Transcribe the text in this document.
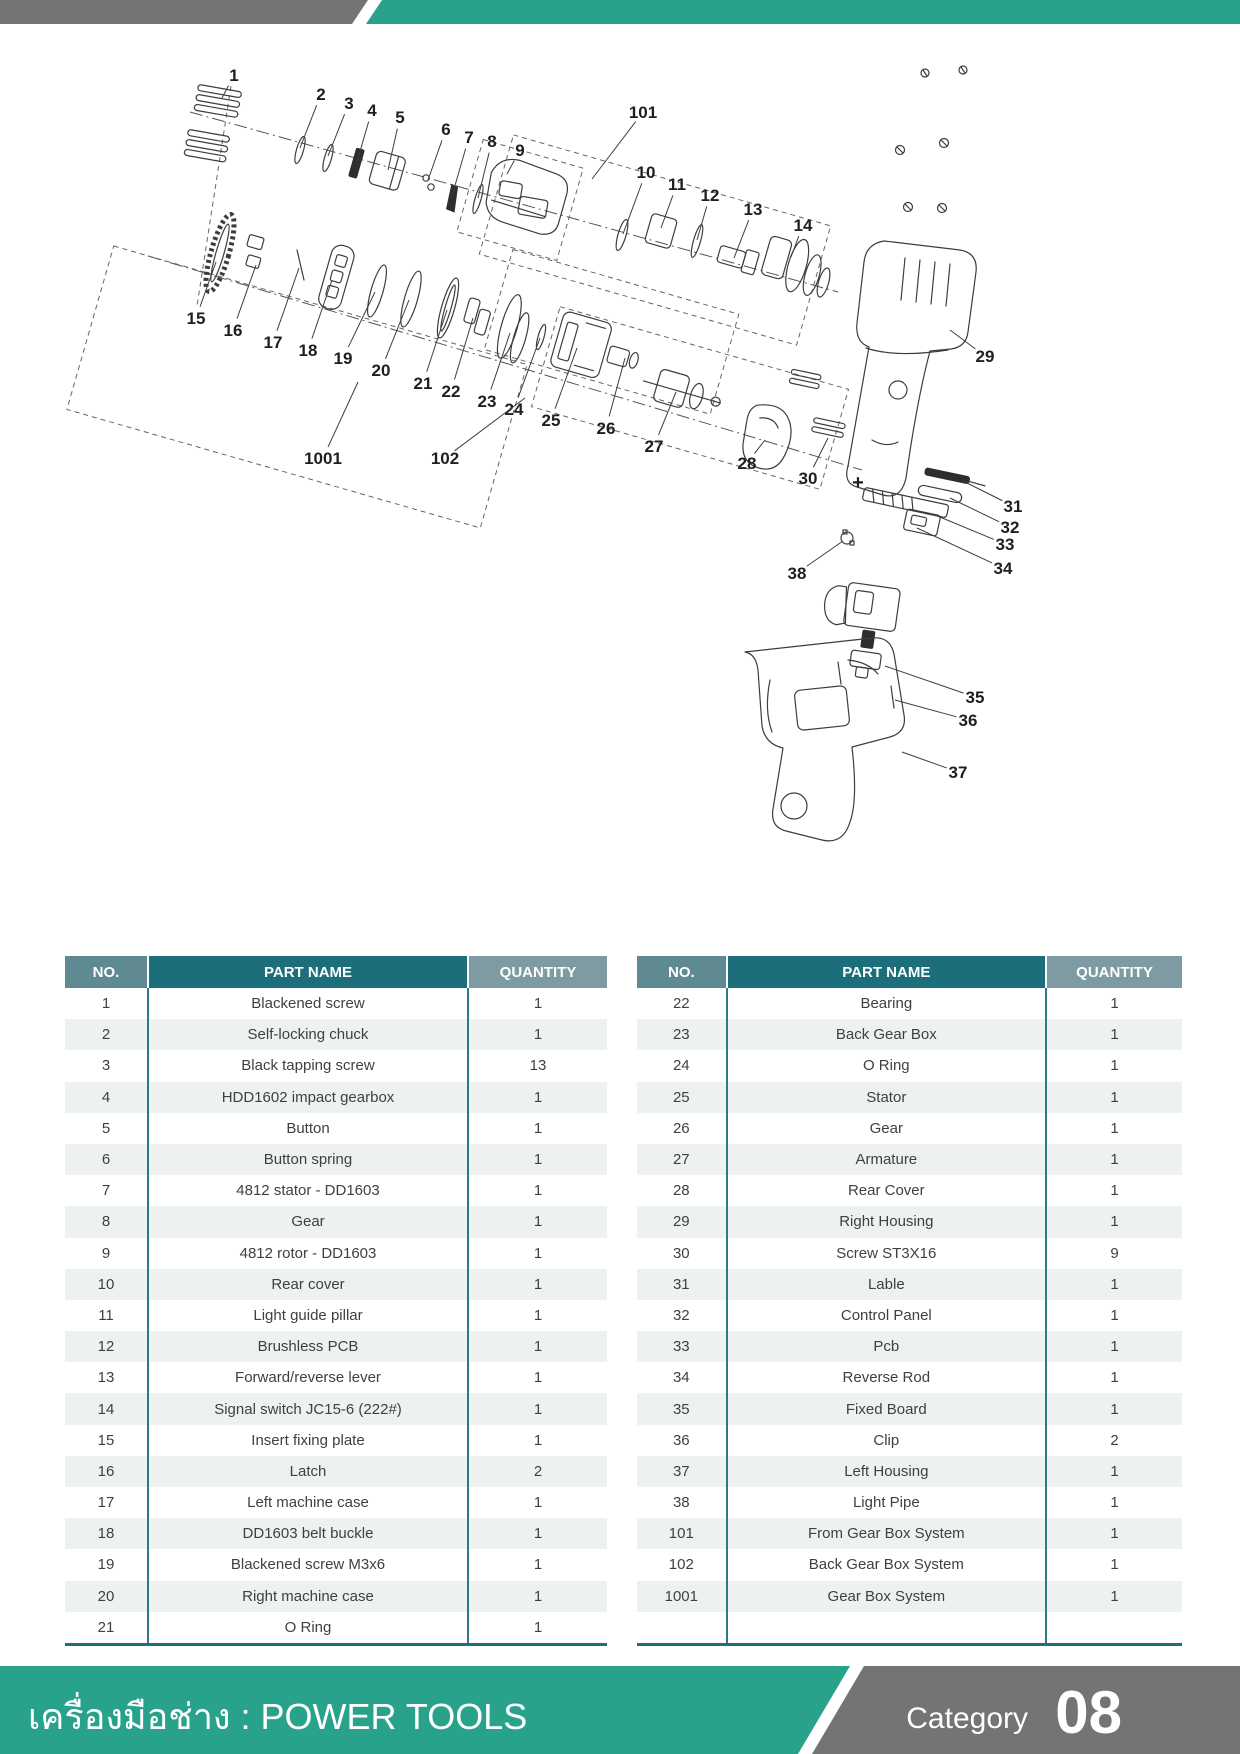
+
1
2 3 4 5
6 7 8 9
101
10
11
12
13
14
29
15
16
17 18 19
20
21 22
23 24
25 26
27
28
30
31
32
33
34
38
35
36
37
1001	102
NO.	PART NAME	QUANTITY
1	Blackened screw	1
2	Self-locking chuck	1
3	Black tapping screw	13
4	HDD1602 impact gearbox	1
5	Button	1
6	Button spring	1
7	4812 stator - DD1603	1
8	Gear	1
9	4812 rotor - DD1603	1
10	Rear cover	1
11	Light guide pillar	1
12	Brushless PCB	1
13	Forward/reverse lever	1
14	Signal switch JC15-6 (222#)	1
15	Insert fixing plate	1
16	Latch	2
17	Left machine case	1
18	DD1603 belt buckle	1
19	Blackened screw M3x6	1
20	Right machine case	1
21	O Ring	1
NO.	PART NAME	QUANTITY
22	Bearing	1
23	Back Gear Box	1
24	O Ring	1
25	Stator	1
26	Gear	1
27	Armature	1
28	Rear Cover	1
29	Right Housing	1
30	Screw ST3X16	9
31	Lable	1
32	Control Panel	1
33	Pcb	1
34	Reverse Rod	1
35	Fixed Board	1
36	Clip	2
37	Left Housing	1
38	Light Pipe	1
101	From Gear Box System	1
102	Back Gear Box System	1
1001	Gear Box System	1

เครื่องมือช่าง : POWER TOOLS	Category 08
